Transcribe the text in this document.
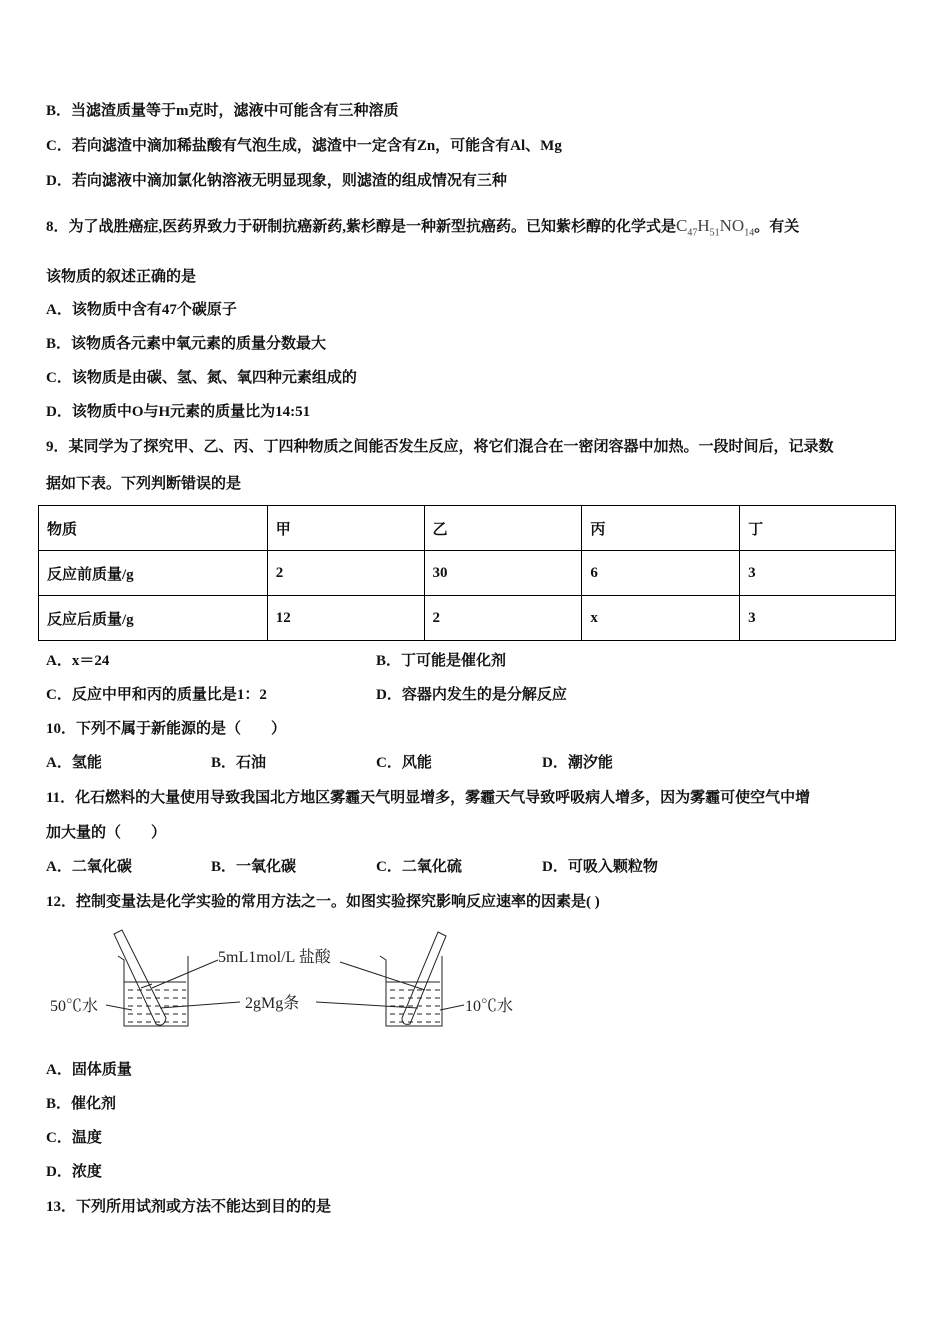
B．当滤渣质量等于m克时，滤液中可能含有三种溶质
C．若向滤渣中滴加稀盐酸有气泡生成，滤渣中一定含有Zn，可能含有Al、Mg
D．若向滤液中滴加氯化钠溶液无明显现象，则滤渣的组成情况有三种
8．为了战胜癌症,医药界致力于研制抗癌新药,紫杉醇是一种新型抗癌药。已知紫杉醇的化学式是$C_{47}H_{51}NO_{14}$。有关
该物质的叙述正确的是
A．该物质中含有47个碳原子
B．该物质各元素中氧元素的质量分数最大
C．该物质是由碳、氢、氮、氧四种元素组成的
D．该物质中O与H元素的质量比为14:51
9．某同学为了探究甲、乙、丙、丁四种物质之间能否发生反应，将它们混合在一密闭容器中加热。一段时间后，记录数
据如下表。下列判断错误的是
物质	甲	乙	丙	丁
反应前质量/g	2	30	6	3
反应后质量/g	12	2	x	3
A．x＝24	B．丁可能是催化剂
C．反应中甲和丙的质量比是1：2	D．容器内发生的是分解反应
10．下列不属于新能源的是（　　）
A．氢能	B．石油	C．风能	D．潮汐能
11．化石燃料的大量使用导致我国北方地区雾霾天气明显增多，雾霾天气导致呼吸病人增多，因为雾霾可使空气中增
加大量的（　　）
A．二氧化碳	B．一氧化碳	C．二氧化硫	D．可吸入颗粒物
12．控制变量法是化学实验的常用方法之一。如图实验探究影响反应速率的因素是( )
5mL1mol/L 盐酸
2gMg条
50℃水	10℃水
A．固体质量
B．催化剂
C．温度
D．浓度
13．下列所用试剂或方法不能达到目的的是
